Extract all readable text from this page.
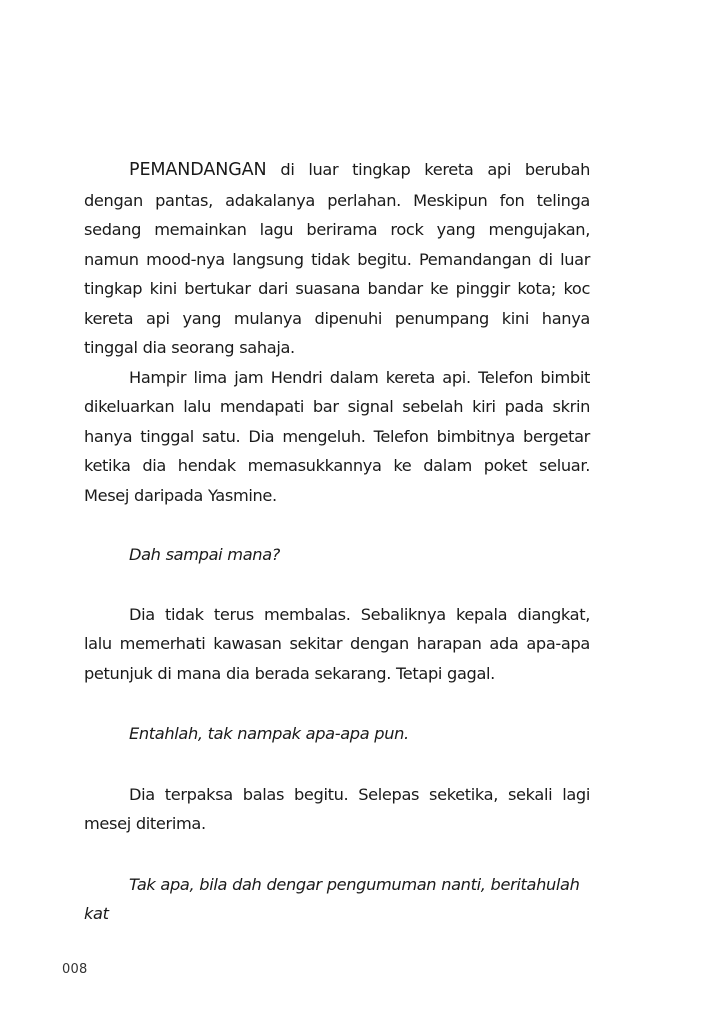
PEMANDANGAN di luar tingkap kereta api berubah dengan pantas, adakalanya perlahan. Meskipun fon telinga sedang memainkan lagu berirama rock yang mengujakan, namun mood-nya langsung tidak begitu. Pemandangan di luar tingkap kini bertukar dari suasana bandar ke pinggir kota; koc kereta api yang mulanya dipenuhi penumpang kini hanya tinggal dia seorang sahaja.

Hampir lima jam Hendri dalam kereta api. Telefon bimbit dikeluarkan lalu mendapati bar signal sebelah kiri pada skrin hanya tinggal satu. Dia mengeluh. Telefon bimbitnya bergetar ketika dia hendak memasukkannya ke dalam poket seluar. Mesej daripada Yasmine.

Dah sampai mana?

Dia tidak terus membalas. Sebaliknya kepala diangkat, lalu memerhati kawasan sekitar dengan harapan ada apa-apa petunjuk di mana dia berada sekarang. Tetapi gagal.

Entahlah, tak nampak apa-apa pun.

Dia terpaksa balas begitu. Selepas seketika, sekali lagi mesej diterima.

Tak apa, bila dah dengar pengumuman nanti, beritahulah kat

008
